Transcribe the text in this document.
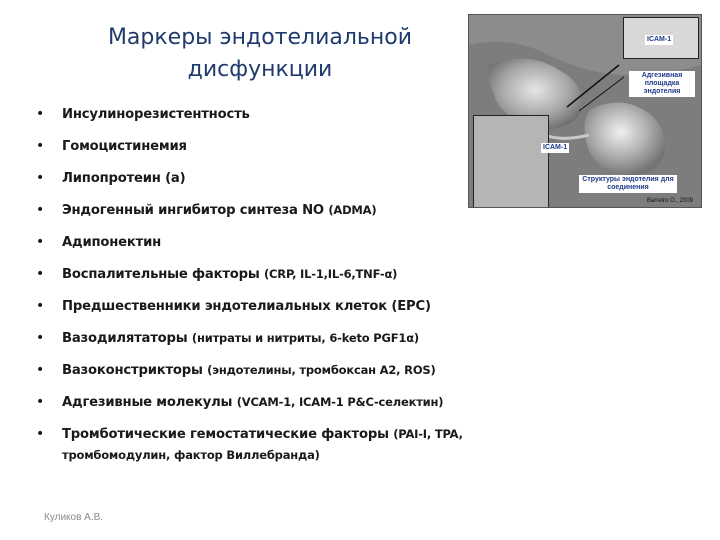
Маркеры эндотелиальной дисфункции
• Инсулинорезистентность
• Гомоцистинемия
• Липопротеин (а)
• Эндогенный ингибитор синтеза NO (ADMA)
• Адипонектин
• Воспалительные факторы (CRP, IL-1,IL-6,TNF-α)
• Предшественники эндотелиальных клеток (EPC)
• Вазодилятаторы (нитраты и нитриты, 6-keto PGF1α)
• Вазоконстрикторы (эндотелины, тромбоксан A2, ROS)
• Адгезивные молекулы (VCAM-1, ICAM-1 P&C-селектин)
• Тромботические гемостатические факторы (PAI-I, TPA, тромбомодулин, фактор Виллебранда)
ICAM-1
Адгезивная площадка эндотелия
ICAM-1
Структуры эндотелия для соединения
Barreiro O., 2009
Куликов А.В.
